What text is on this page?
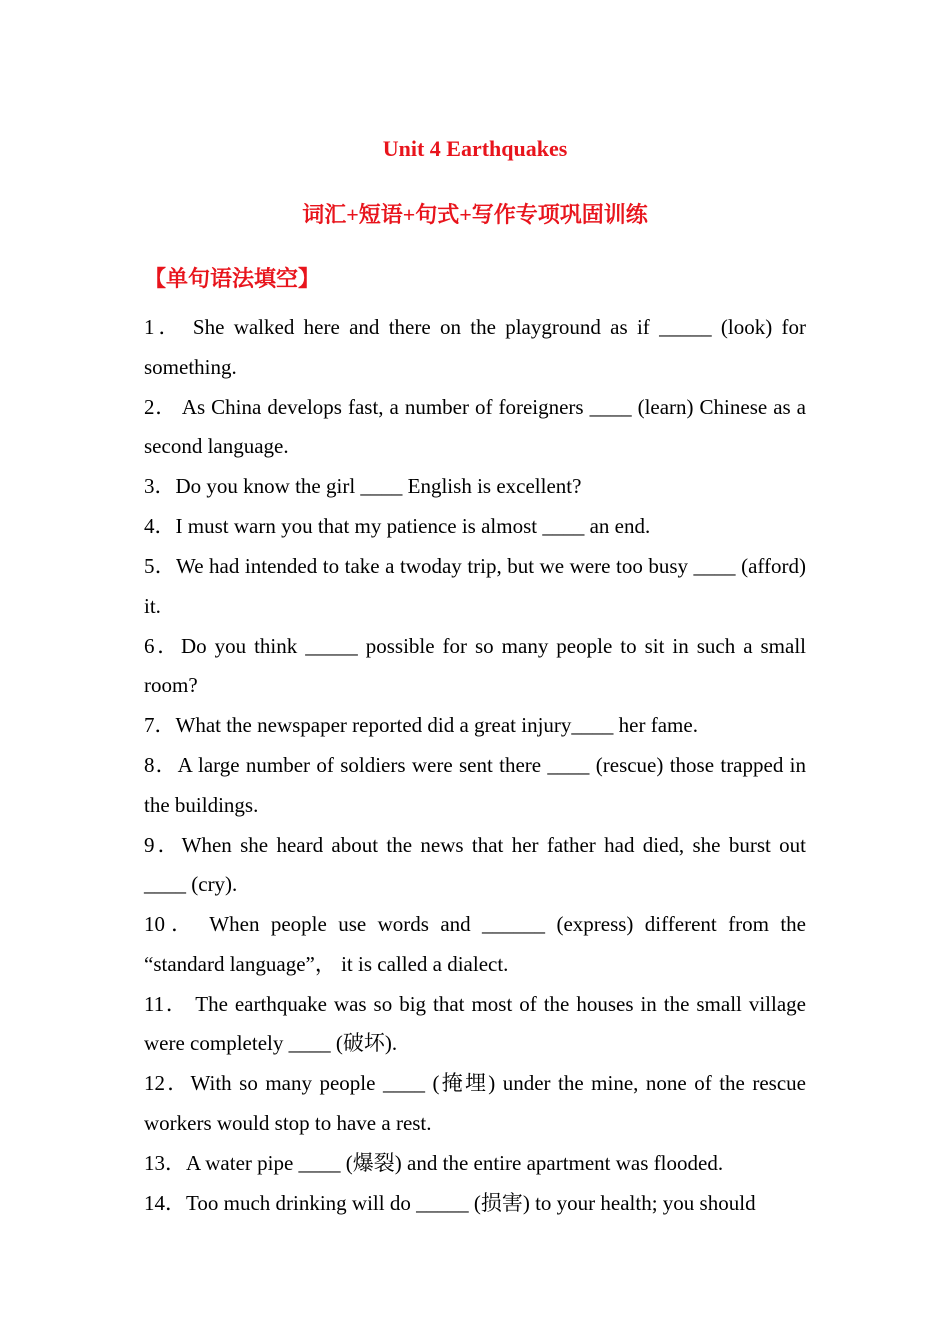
Unit 4 Earthquakes
词汇+短语+句式+写作专项巩固训练
【单句语法填空】

1． She walked here and there on the playground as if _____ (look) for something.

2． As China develops fast, a number of foreigners ____ (learn) Chinese as a second language.

3．Do you know the girl ____ English is excellent?

4．I must warn you that my patience is almost ____ an end.

5．We had intended to take a twoday trip, but we were too busy ____ (afford) it.

6．Do you think _____ possible for so many people to sit in such a small room?

7．What the newspaper reported did a great injury____ her fame.

8．A large number of soldiers were sent there ____ (rescue) those trapped in the buildings.

9．When she heard about the news that her father had died, she burst out ____ (cry).

10． When people use words and ______ (express) different from the “standard language”， it is called a dialect.

11． The earthquake was so big that most of the houses in the small village were completely ____ (破坏).

12．With so many people ____ (掩埋) under the mine, none of the rescue workers would stop to have a rest.

13．A water pipe ____ (爆裂) and the entire apartment was flooded.

14．Too much drinking will do _____ (损害) to your health; you should
